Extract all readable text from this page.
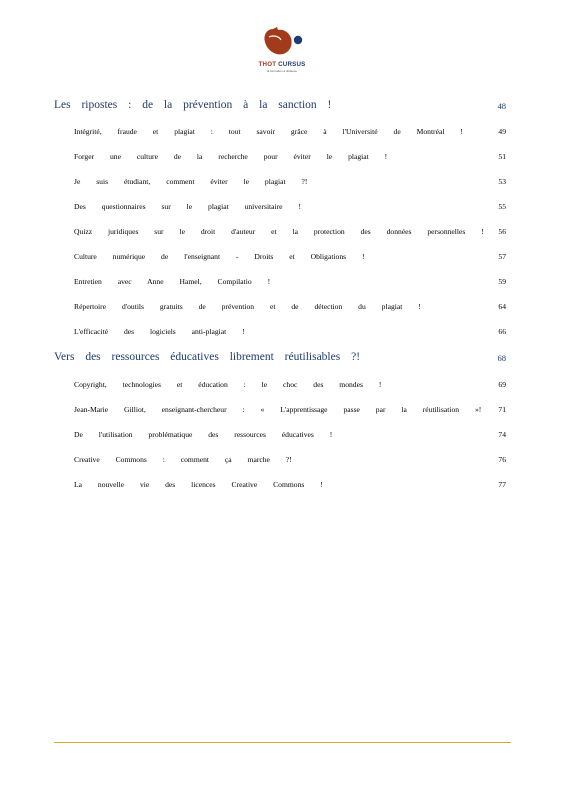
THOT CURSUS
la formation à distance
Les ripostes : de la prévention à la sanction !	48
Intégrité, fraude et plagiat : tout savoir grâce à l'Université de Montréal !	49
Forger une culture de la recherche pour éviter le plagiat !	51
Je suis étudiant, comment éviter le plagiat ?!	53
Des questionnaires sur le plagiat universitaire !	55
Quizz juridiques sur le droit d'auteur et la protection des données personnelles ! 56
Culture numérique de l'enseignant - Droits et Obligations !	57
Entretien avec Anne Hamel, Compilatio !	59
Répertoire d'outils gratuits de prévention et de détection du plagiat !	64
L'efficacité des logiciels anti-plagiat !	66
Vers des ressources éducatives librement réutilisables ?!	68
Copyright, technologies et éducation : le choc des mondes !	69
Jean-Marie Gilliot, enseignant-chercheur : « L'apprentissage passe par la réutilisation »! 71
De l'utilisation problématique des ressources éducatives !	74
Creative Commons : comment ça marche ?!	76
La nouvelle vie des licences Creative Commons !	77
